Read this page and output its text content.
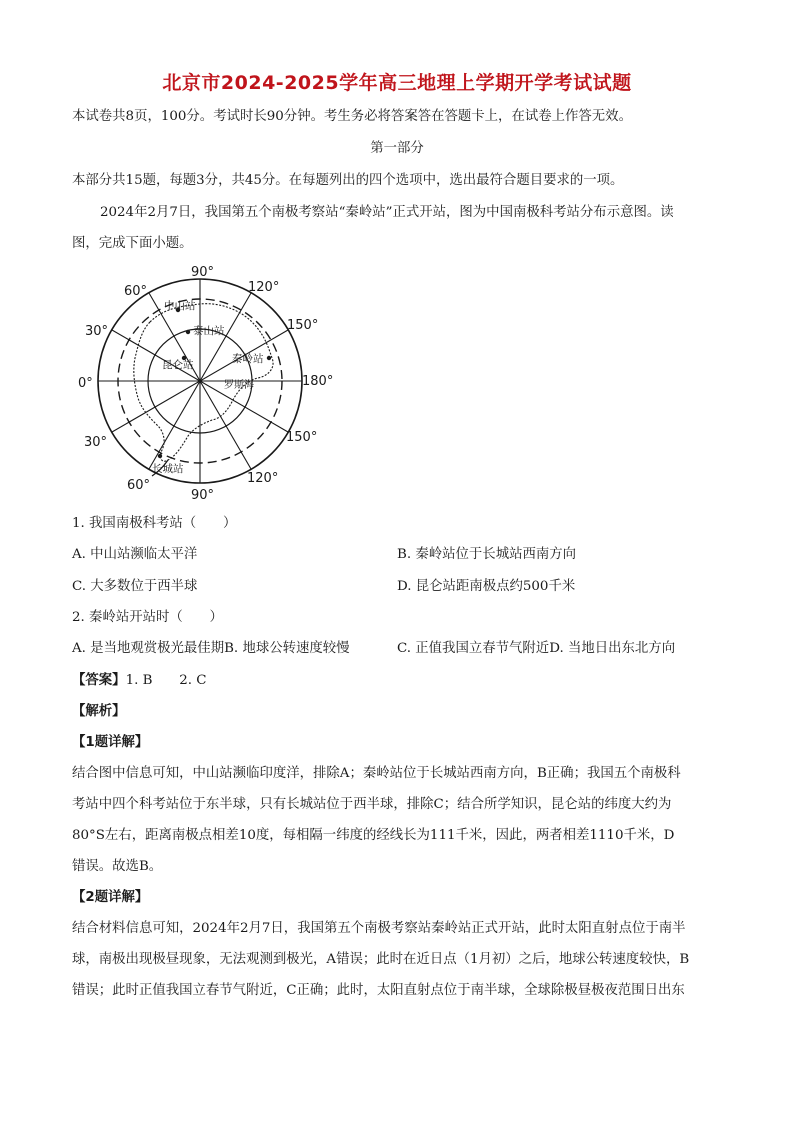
北京市2024-2025学年高三地理上学期开学考试试题
本试卷共8页，100分。考试时长90分钟。考生务必将答案答在答题卡上，在试卷上作答无效。
第一部分
本部分共15题，每题3分，共45分。在每题列出的四个选项中，选出最符合题目要求的一项。
2024年2月7日，我国第五个南极考察站“秦岭站”正式开站，图为中国南极科考站分布示意图。读
图，完成下面小题。
中山站
泰山站
昆仑站	秦岭站
长城站
罗斯海
90°
60°	120°
30°	150°
0°	180°
30°	150°
60°
90°
120°
1. 我国南极科考站（　　）
A. 中山站濒临太平洋	B. 秦岭站位于长城站西南方向
C. 大多数位于西半球	D. 昆仑站距南极点约500千米
2. 秦岭站开站时（　　）
A. 是当地观赏极光最佳期B. 地球公转速度较慢	C. 正值我国立春节气附近D. 当地日出东北方向
【答案】1. B　　2. C
【解析】
【1题详解】
结合图中信息可知，中山站濒临印度洋，排除A；秦岭站位于长城站西南方向，B正确；我国五个南极科
考站中四个科考站位于东半球，只有长城站位于西半球，排除C；结合所学知识，昆仑站的纬度大约为
80°S左右，距离南极点相差10度，每相隔一纬度的经线长为111千米，因此，两者相差1110千米，D
错误。故选B。
【2题详解】
结合材料信息可知，2024年2月7日，我国第五个南极考察站秦岭站正式开站，此时太阳直射点位于南半
球，南极出现极昼现象，无法观测到极光，A错误；此时在近日点（1月初）之后，地球公转速度较快，B
错误；此时正值我国立春节气附近，C正确；此时，太阳直射点位于南半球，全球除极昼极夜范围日出东
